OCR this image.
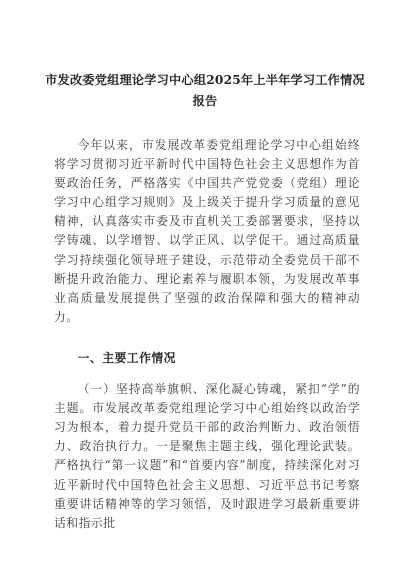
市发改委党组理论学习中心组2025年上半年学习工作情况报告

今年以来，市发展改革委党组理论学习中心组始终将学习贯彻习近平新时代中国特色社会主义思想作为首要政治任务，严格落实《中国共产党党委（党组）理论学习中心组学习规则》及上级关于提升学习质量的意见精神，认真落实市委及市直机关工委部署要求，坚持以学铸魂、以学增智、以学正风、以学促干。通过高质量学习持续强化领导班子建设，示范带动全委党员干部不断提升政治能力、理论素养与履职本领，为发展改革事业高质量发展提供了坚强的政治保障和强大的精神动力。

一、主要工作情况

（一）坚持高举旗帜、深化凝心铸魂，紧扣“学”的主题。市发展改革委党组理论学习中心组始终以政治学习为根本，着力提升党员干部的政治判断力、政治领悟力、政治执行力。一是聚焦主题主线，强化理论武装。严格执行“第一议题”和“首要内容”制度，持续深化对习近平新时代中国特色社会主义思想、习近平总书记考察重要讲话精神等的学习领悟，及时跟进学习最新重要讲话和指示批
